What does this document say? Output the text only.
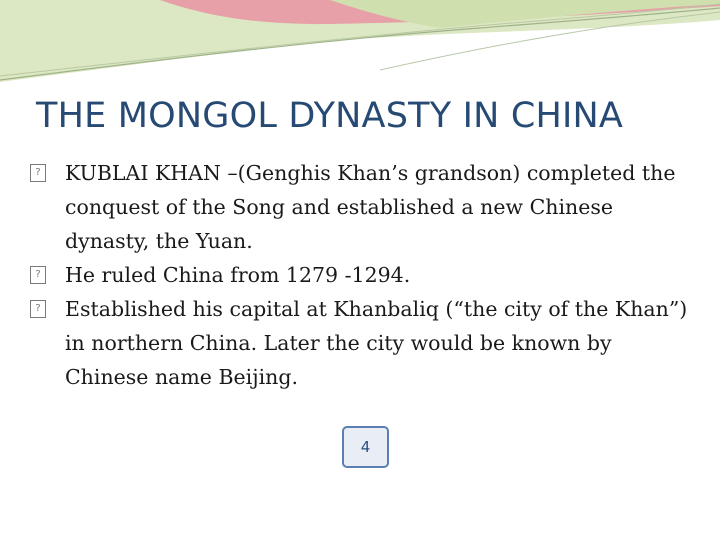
THE MONGOL DYNASTY IN CHINA

? KUBLAI KHAN –(Genghis Khan’s grandson) completed the conquest of the Song and established a new Chinese dynasty, the Yuan.

? He ruled China from 1279 -1294.

? Established his capital at Khanbaliq (“the city of the Khan”) in northern China. Later the city would be known by Chinese name Beijing.

4
